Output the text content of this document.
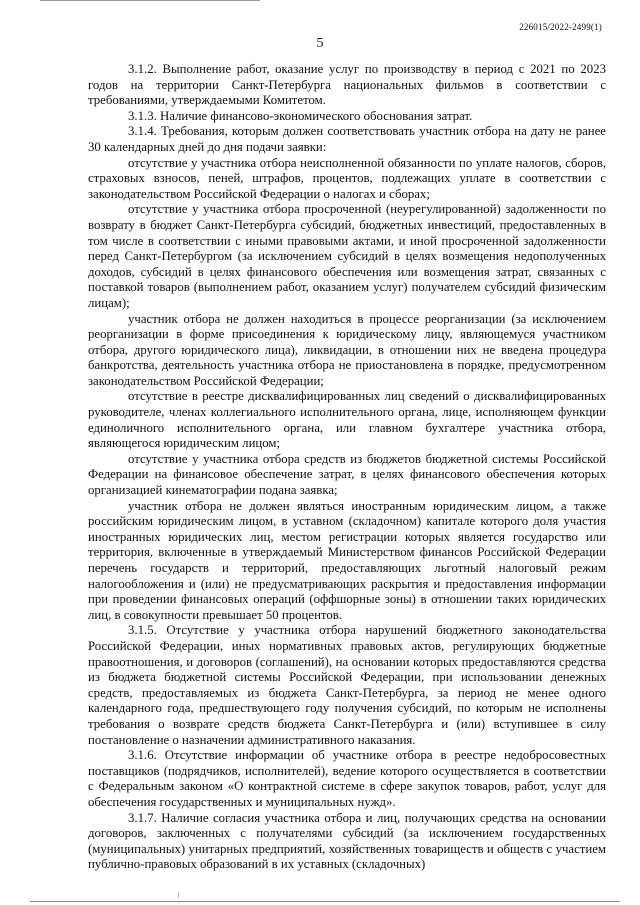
226015/2022-2499(1)
5

3.1.2. Выполнение работ, оказание услуг по производству в период с 2021 по 2023 годов на территории Санкт-Петербурга национальных фильмов в соответствии с требованиями, утверждаемыми Комитетом.

3.1.3. Наличие финансово-экономического обоснования затрат.

3.1.4. Требования, которым должен соответствовать участник отбора на дату не ранее 30 календарных дней до дня подачи заявки:

отсутствие у участника отбора неисполненной обязанности по уплате налогов, сборов, страховых взносов, пеней, штрафов, процентов, подлежащих уплате в соответствии с законодательством Российской Федерации о налогах и сборах;

отсутствие у участника отбора просроченной (неурегулированной) задолженности по возврату в бюджет Санкт-Петербурга субсидий, бюджетных инвестиций, предоставленных в том числе в соответствии с иными правовыми актами, и иной просроченной задолженности перед Санкт-Петербургом (за исключением субсидий в целях возмещения недополученных доходов, субсидий в целях финансового обеспечения или возмещения затрат, связанных с поставкой товаров (выполнением работ, оказанием услуг) получателем субсидий физическим лицам);

участник отбора не должен находиться в процессе реорганизации (за исключением реорганизации в форме присоединения к юридическому лицу, являющемуся участником отбора, другого юридического лица), ликвидации, в отношении них не введена процедура банкротства, деятельность участника отбора не приостановлена в порядке, предусмотренном законодательством Российской Федерации;

отсутствие в реестре дисквалифицированных лиц сведений о дисквалифицированных руководителе, членах коллегиального исполнительного органа, лице, исполняющем функции единоличного исполнительного органа, или главном бухгалтере участника отбора, являющегося юридическим лицом;

отсутствие у участника отбора средств из бюджетов бюджетной системы Российской Федерации на финансовое обеспечение затрат, в целях финансового обеспечения которых организацией кинематографии подана заявка;

участник отбора не должен являться иностранным юридическим лицом, а также российским юридическим лицом, в уставном (складочном) капитале которого доля участия иностранных юридических лиц, местом регистрации которых является государство или территория, включенные в утверждаемый Министерством финансов Российской Федерации перечень государств и территорий, предоставляющих льготный налоговый режим налогообложения и (или) не предусматривающих раскрытия и предоставления информации при проведении финансовых операций (оффшорные зоны) в отношении таких юридических лиц, в совокупности превышает 50 процентов.

3.1.5. Отсутствие у участника отбора нарушений бюджетного законодательства Российской Федерации, иных нормативных правовых актов, регулирующих бюджетные правоотношения, и договоров (соглашений), на основании которых предоставляются средства из бюджета бюджетной системы Российской Федерации, при использовании денежных средств, предоставляемых из бюджета Санкт-Петербурга, за период не менее одного календарного года, предшествующего году получения субсидий, по которым не исполнены требования о возврате средств бюджета Санкт-Петербурга и (или) вступившее в силу постановление о назначении административного наказания.

3.1.6. Отсутствие информации об участнике отбора в реестре недобросовестных поставщиков (подрядчиков, исполнителей), ведение которого осуществляется в соответствии с Федеральным законом «О контрактной системе в сфере закупок товаров, работ, услуг для обеспечения государственных и муниципальных нужд».

3.1.7. Наличие согласия участника отбора и лиц, получающих средства на основании договоров, заключенных с получателями субсидий (за исключением государственных (муниципальных) унитарных предприятий, хозяйственных товариществ и обществ с участием публично-правовых образований в их уставных (складочных)
